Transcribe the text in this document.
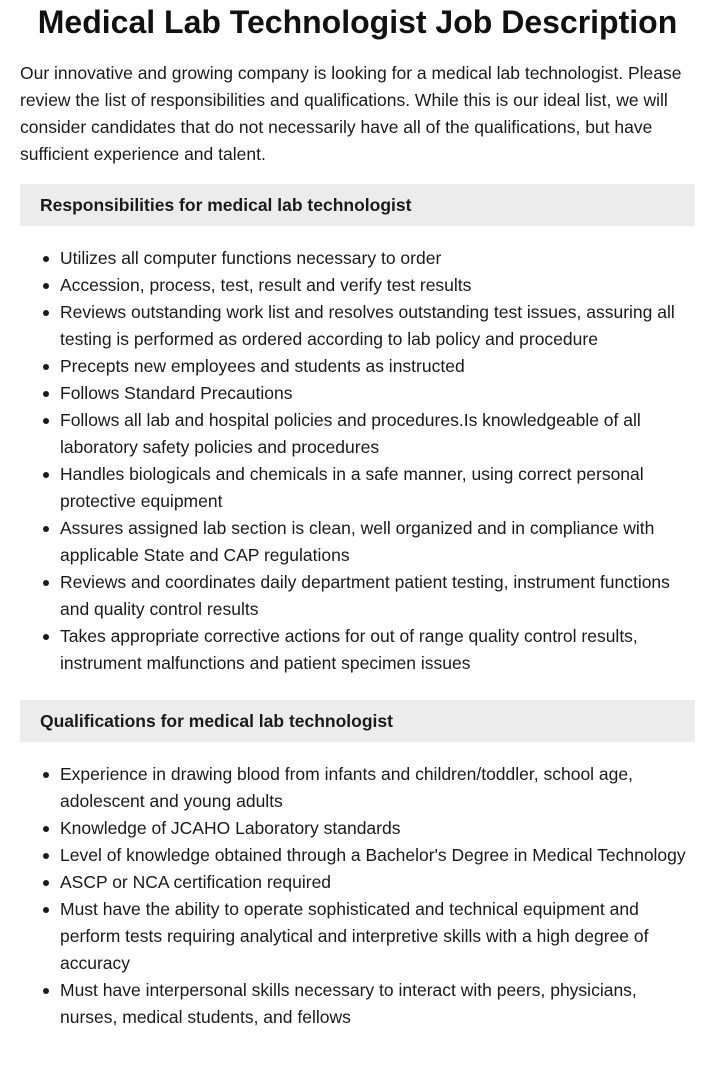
Medical Lab Technologist Job Description

Our innovative and growing company is looking for a medical lab technologist. Please review the list of responsibilities and qualifications. While this is our ideal list, we will consider candidates that do not necessarily have all of the qualifications, but have sufficient experience and talent.

Responsibilities for medical lab technologist
Utilizes all computer functions necessary to order
Accession, process, test, result and verify test results
Reviews outstanding work list and resolves outstanding test issues, assuring all testing is performed as ordered according to lab policy and procedure
Precepts new employees and students as instructed
Follows Standard Precautions
Follows all lab and hospital policies and procedures.Is knowledgeable of all laboratory safety policies and procedures
Handles biologicals and chemicals in a safe manner, using correct personal protective equipment
Assures assigned lab section is clean, well organized and in compliance with applicable State and CAP regulations
Reviews and coordinates daily department patient testing, instrument functions and quality control results
Takes appropriate corrective actions for out of range quality control results, instrument malfunctions and patient specimen issues
Qualifications for medical lab technologist
Experience in drawing blood from infants and children/toddler, school age, adolescent and young adults
Knowledge of JCAHO Laboratory standards
Level of knowledge obtained through a Bachelor's Degree in Medical Technology
ASCP or NCA certification required
Must have the ability to operate sophisticated and technical equipment and perform tests requiring analytical and interpretive skills with a high degree of accuracy
Must have interpersonal skills necessary to interact with peers, physicians, nurses, medical students, and fellows
